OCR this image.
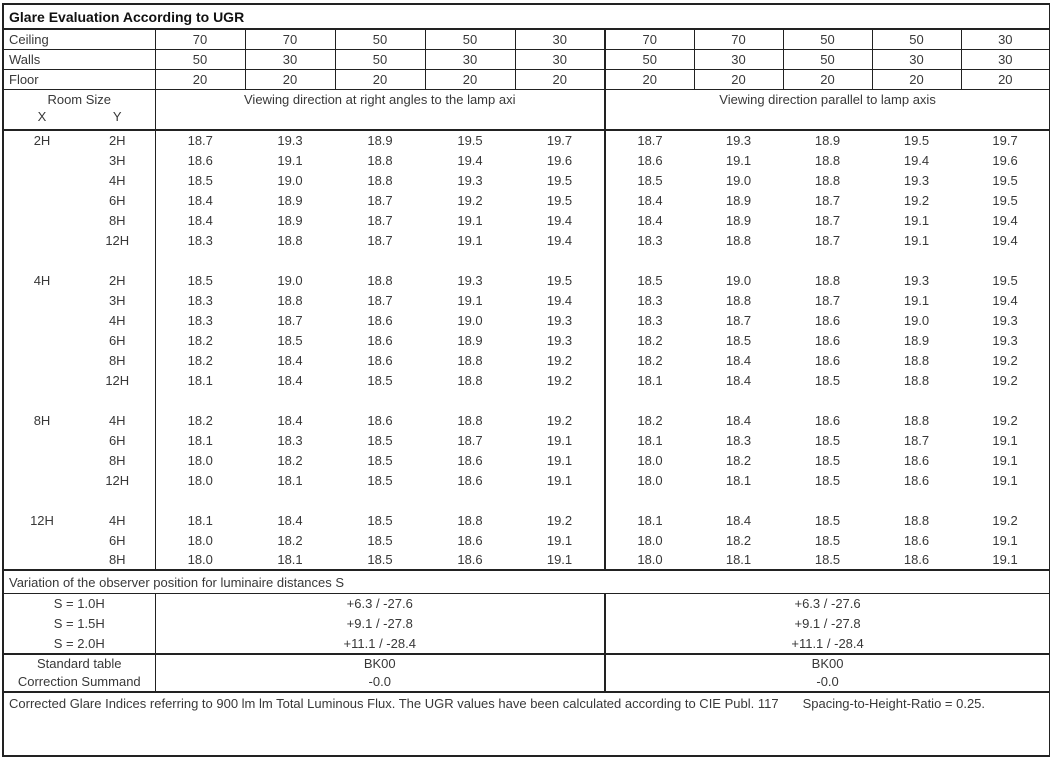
Glare Evaluation According to UGR											
Ceiling		70	70	50	50	30	70	70	50	50	30
Walls		50	30	50	30	30	50	30	50	30	30
Floor		20	20	20	20	20	20	20	20	20	20
Room Size		Viewing direction at right angles to the lamp axi					Viewing direction parallel to lamp axis				
X	Y										
2H	2H	18.7	19.3	18.9	19.5	19.7	18.7	19.3	18.9	19.5	19.7
	3H	18.6	19.1	18.8	19.4	19.6	18.6	19.1	18.8	19.4	19.6
	4H	18.5	19.0	18.8	19.3	19.5	18.5	19.0	18.8	19.3	19.5
	6H	18.4	18.9	18.7	19.2	19.5	18.4	18.9	18.7	19.2	19.5
	8H	18.4	18.9	18.7	19.1	19.4	18.4	18.9	18.7	19.1	19.4
	12H	18.3	18.8	18.7	19.1	19.4	18.3	18.8	18.7	19.1	19.4

4H	2H	18.5	19.0	18.8	19.3	19.5	18.5	19.0	18.8	19.3	19.5
	3H	18.3	18.8	18.7	19.1	19.4	18.3	18.8	18.7	19.1	19.4
	4H	18.3	18.7	18.6	19.0	19.3	18.3	18.7	18.6	19.0	19.3
	6H	18.2	18.5	18.6	18.9	19.3	18.2	18.5	18.6	18.9	19.3
	8H	18.2	18.4	18.6	18.8	19.2	18.2	18.4	18.6	18.8	19.2
	12H	18.1	18.4	18.5	18.8	19.2	18.1	18.4	18.5	18.8	19.2

8H	4H	18.2	18.4	18.6	18.8	19.2	18.2	18.4	18.6	18.8	19.2
	6H	18.1	18.3	18.5	18.7	19.1	18.1	18.3	18.5	18.7	19.1
	8H	18.0	18.2	18.5	18.6	19.1	18.0	18.2	18.5	18.6	19.1
	12H	18.0	18.1	18.5	18.6	19.1	18.0	18.1	18.5	18.6	19.1

12H	4H	18.1	18.4	18.5	18.8	19.2	18.1	18.4	18.5	18.8	19.2
	6H	18.0	18.2	18.5	18.6	19.1	18.0	18.2	18.5	18.6	19.1
	8H	18.0	18.1	18.5	18.6	19.1	18.0	18.1	18.5	18.6	19.1
Variation of the observer position for luminaire distances S											
S = 1.0H		+6.3 / -27.6					+6.3 / -27.6				
S = 1.5H		+9.1 / -27.8					+9.1 / -27.8				
S = 2.0H		+11.1 / -28.4					+11.1 / -28.4				
Standard table		BK00					BK00				
Correction Summand		-0.0					-0.0				
Corrected Glare Indices referring to 900 lm lm Total Luminous Flux. The UGR values have been calculated according to CIE Publ. 117 Spacing-to-Height-Ratio = 0.25.											
